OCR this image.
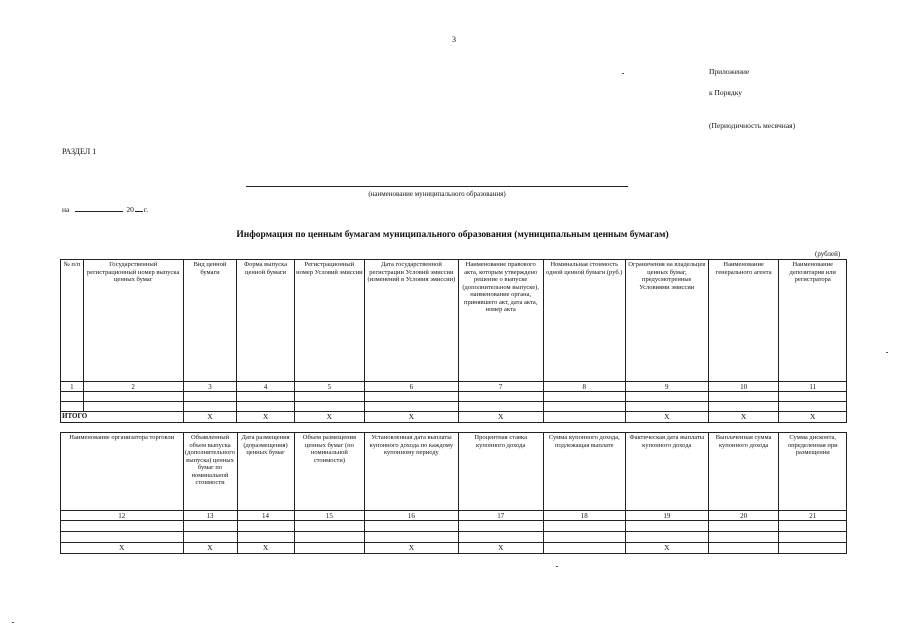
3
Приложение
к Порядку
(Периодичность месячная)
РАЗДЕЛ 1
(наименование муниципального образования)
на	20 г.
Информация по ценным бумагам муниципального образования (муниципальным ценным бумагам)
(рублей)
№ п/п	Государственный регистрационный номер выпуска ценных бумаг	Вид ценной бумаги	Форма выпуска ценной бумаги	Регистрационный номер Условий эмиссии	Дата государственной регистрации Условий эмиссии (изменений в Условия эмиссии)	Наименование правового акта, которым утверждено решение о выпуске (дополнительном выпуске), наименование органа, принявшего акт, дата акта, номер акта	Номинальная стоимость одной ценной бумаги (руб.)	Ограничения на владельцев ценных бумаг, предусмотренные Условиями эмиссии	Наименование генерального агента	Наименование депозитария или регистратора
1	2	3	4	5	6	7	8	9	10	11

ИТОГО		X	X	X	X	X		X	X	X
Наименование организатора торговли	Объявленный объем выпуска (дополнительного выпуска) ценных бумаг по номинальной стоимости	Дата размещения (доразмещения) ценных бумаг	Объем размещения ценных бумаг (по номинальной стоимости)	Установленная дата выплаты купонного дохода по каждому купонному периоду	Процентная ставка купонного дохода	Сумма купонного дохода, подлежащая выплате	Фактическая дата выплаты купонного дохода	Выплаченная сумма купонного дохода	Сумма дисконта, определенная при размещении
12	13	14	15	16	17	18	19	20	21

X	X	X		X	X		X		
